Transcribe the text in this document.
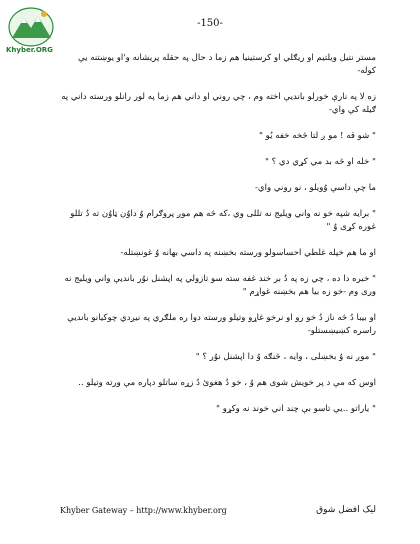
Khyber.ORG
-150-

مستر نتیل ویلتیم او ریګلي او کرستینیا هم زما د حال په حقله پریشانه و'او یوښتنه یې کوله-

زه لا په نارې خورلو بانديې اخته وم ، چي روني او داني هم زما په لور رانلو ورسته داني په ګیله کې واي-

" شو قه ! مو ږ لتا څخه خفه یُو "

" خله او څه بد مي کړي دي ؟ "

ما چې داسې وُویلو ، نو روني واي-

" برایه شپه خو نه واني ویلیج نه تللی وي ،که څه هم موږ پروګرام وُ داوُن ټاوُن ته دُ تللو غوره کړی وُ "

او ما هم خپله غلطي احساسولو ورسته بخښنه په داسي بهانه وُ غونښتله-

" خبره دا ده ، چي زه په دُ بر خند غفه سته سو تازولي په اپشنل نوُر بانديې واني ویلیج نه وری وم -خو زه بیا هم بخښنه غواړم "

او بیبا دُ څه ناز دُ خو رو او نرخو غاړو وتیلو ورسته دوا ره ملګري په نیږدي چوکیانو بانديې راسره کښیښستلو-

" موږ نه وُ بخښلی ، وایه ، څنګه وُ دا اپشنل نوُر ؟ "

اوس که مې د پر خویش شوی هم وُ ، خو دُ هغوئ دُ زړه ساتلو دپاره مې ورته وتیلو ..

" یاراتو ..یې تاسو بې چند اني خوند نه وکړو "

Khyber Gateway – http://www.khyber.org	لیک افضل شوق
